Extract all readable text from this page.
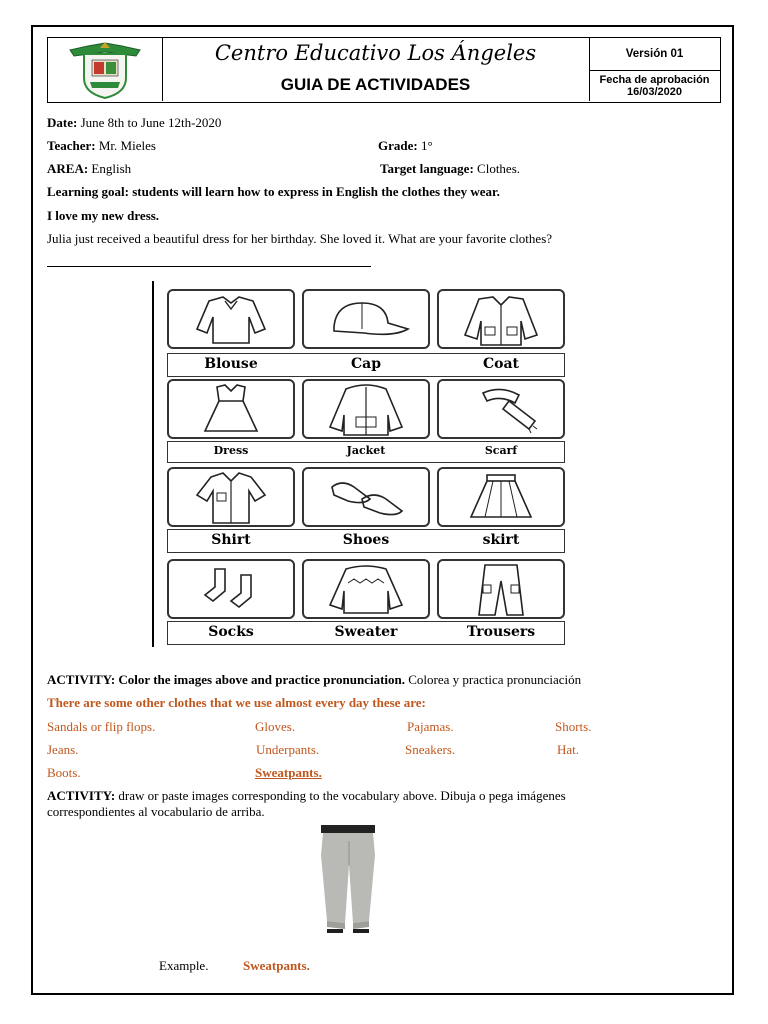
Centro Educativo Los Ángeles
GUIA DE ACTIVIDADES
Versión 01
Fecha de aprobación
16/03/2020
Date: June 8th to June 12th-2020
Teacher: Mr. Mieles	Grade: 1°
AREA: English	Target language: Clothes.
Learning goal: students will learn how to express in English the clothes they wear.
I love my new dress.
Julia just received a beautiful dress for her birthday. She loved it. What are your favorite clothes?
Blouse	Cap	Coat
Dress	Jacket	Scarf
Shirt	Shoes	skirt
Socks	Sweater	Trousers
ACTIVITY: Color the images above and practice pronunciation. Colorea y practica pronunciación
There are some other clothes that we use almost every day these are:
Sandals or flip flops.	Gloves.	Pajamas.	Shorts.
Jeans.	Underpants.	Sneakers.	Hat.
Boots.	Sweatpants.
ACTIVITY: draw or paste images corresponding to the vocabulary above. Dibuja o pega imágenes
correspondientes al vocabulario de arriba.
Example.	Sweatpants.
